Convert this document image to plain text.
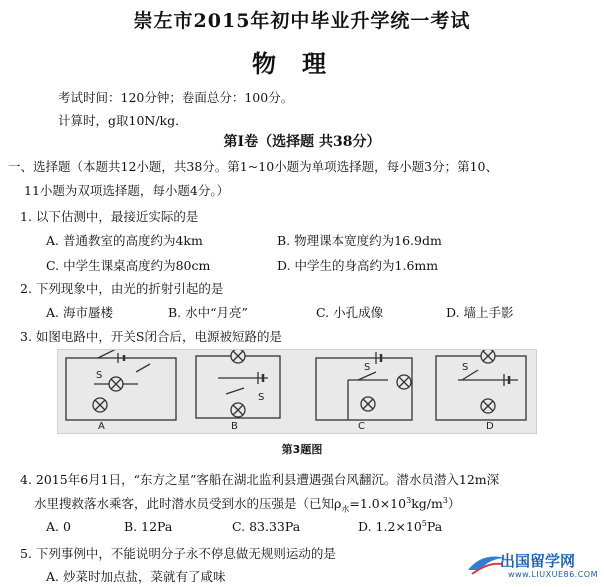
崇左市2015年初中毕业升学统一考试
物理
考试时间：120分钟；卷面总分：100分。
计算时，g取10N/kg．
第Ⅰ卷（选择题 共38分）
一、选择题（本题共12小题，共38分。第1~10小题为单项选择题，每小题3分；第10、
11小题为双项选择题，每小题4分。）
1. 以下估测中，最接近实际的是
A. 普通教室的高度约为4km	B. 物理课本宽度约为16.9dm
C. 中学生课桌高度约为80cm	D. 中学生的身高约为1.6mm
2. 下列现象中，由光的折射引起的是
A. 海市蜃楼	B. 水中“月亮”	C. 小孔成像	D. 墙上手影
3. 如图电路中，开关S闭合后，电源被短路的是
S
S
S	S
A	B	C	D
第3题图
4. 2015年6月1日，“东方之星”客船在湖北监利县遭遇强台风翻沉。潜水员潜入12m深
水里搜救落水乘客，此时潜水员受到水的压强是（已知$\rho_水=1.0\times 10^3kg/m^3$）
A. 0	B. 12Pa	C. 83.33Pa	D. $1.2\times 10^5Pa$
5. 下列事例中，不能说明分子永不停息做无规则运动的是
A. 炒菜时加点盐，菜就有了咸味
出国留学网
www.LIUXUE86.COM
